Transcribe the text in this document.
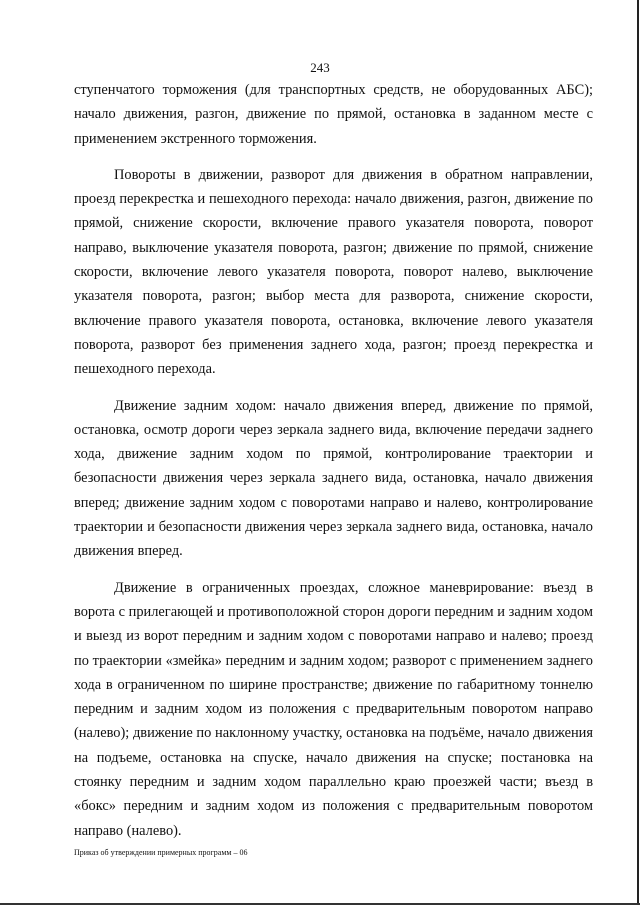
243

ступенчатого торможения (для транспортных средств, не оборудованных АБС); начало движения, разгон, движение по прямой, остановка в заданном месте с применением экстренного торможения.

Повороты в движении, разворот для движения в обратном направлении, проезд перекрестка и пешеходного перехода: начало движения, разгон, движение по прямой, снижение скорости, включение правого указателя поворота, поворот направо, выключение указателя поворота, разгон; движение по прямой, снижение скорости, включение левого указателя поворота, поворот налево, выключение указателя поворота, разгон; выбор места для разворота, снижение скорости, включение правого указателя поворота, остановка, включение левого указателя поворота, разворот без применения заднего хода, разгон; проезд перекрестка и пешеходного перехода.

Движение задним ходом: начало движения вперед, движение по прямой, остановка, осмотр дороги через зеркала заднего вида, включение передачи заднего хода, движение задним ходом по прямой, контролирование траектории и безопасности движения через зеркала заднего вида, остановка, начало движения вперед; движение задним ходом с поворотами направо и налево, контролирование траектории и безопасности движения через зеркала заднего вида, остановка, начало движения вперед.

Движение в ограниченных проездах, сложное маневрирование: въезд в ворота с прилегающей и противоположной сторон дороги передним и задним ходом и выезд из ворот передним и задним ходом с поворотами направо и налево; проезд по траектории «змейка» передним и задним ходом; разворот с применением заднего хода в ограниченном по ширине пространстве; движение по габаритному тоннелю передним и задним ходом из положения с предварительным поворотом направо (налево); движение по наклонному участку, остановка на подъёме, начало движения на подъеме, остановка на спуске, начало движения на спуске; постановка на стоянку передним и задним ходом параллельно краю проезжей части; въезд в «бокс» передним и задним ходом из положения с предварительным поворотом направо (налево).

Приказ об утверждении примерных программ – 06
